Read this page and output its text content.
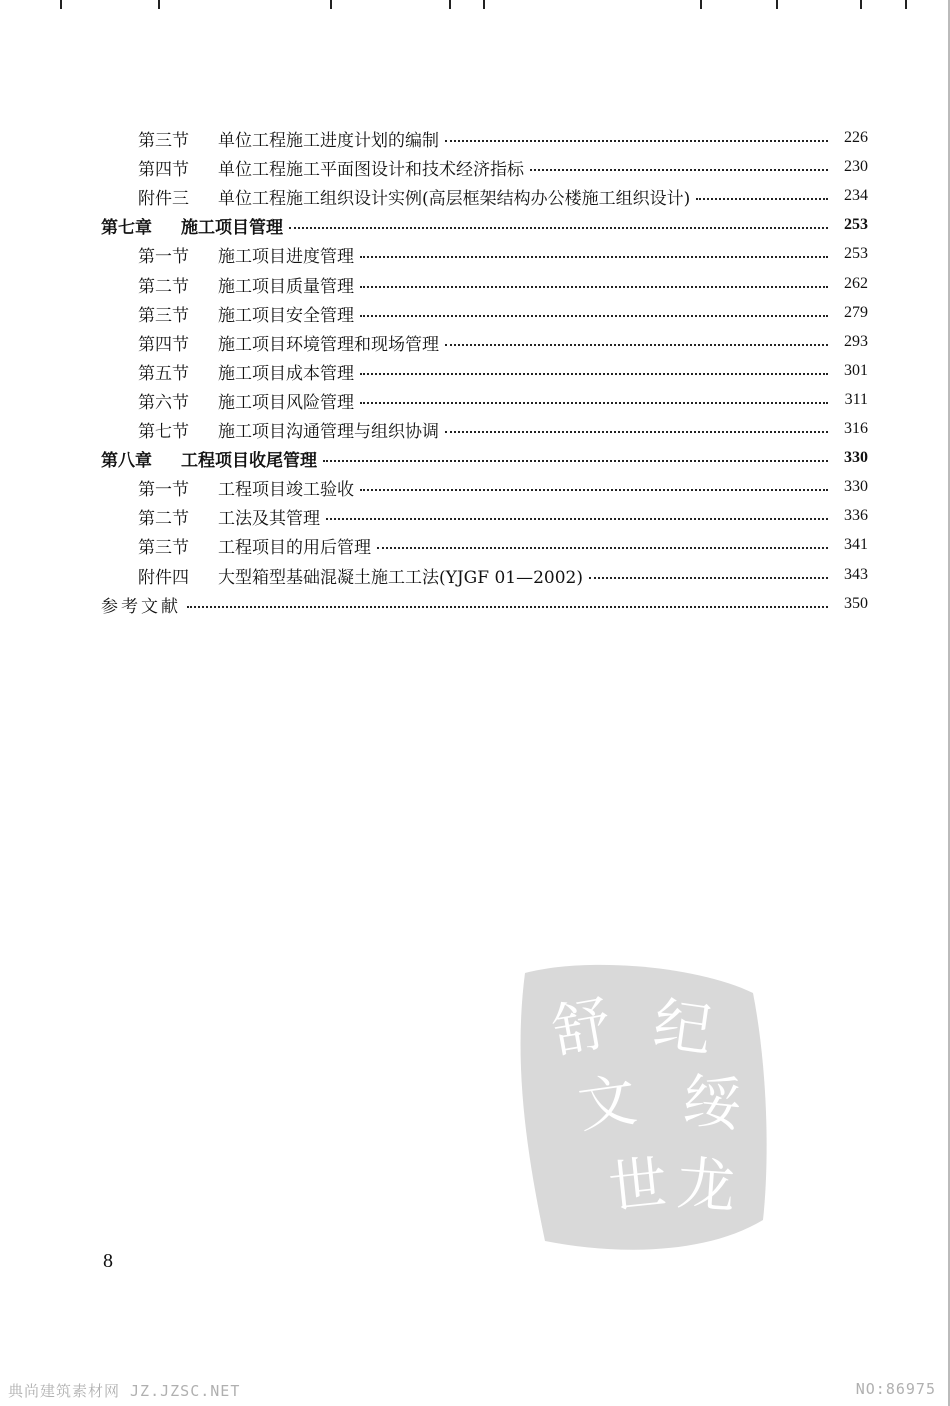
第三节	单位工程施工进度计划的编制	226
第四节	单位工程施工平面图设计和技术经济指标	230
附件三	单位工程施工组织设计实例(高层框架结构办公楼施工组织设计)	234
第七章	施工项目管理	253
第一节	施工项目进度管理	253
第二节	施工项目质量管理	262
第三节	施工项目安全管理	279
第四节	施工项目环境管理和现场管理	293
第五节	施工项目成本管理	301
第六节	施工项目风险管理	311
第七节	施工项目沟通管理与组织协调	316
第八章	工程项目收尾管理	330
第一节	工程项目竣工验收	330
第二节	工法及其管理	336
第三节	工程项目的用后管理	341
附件四	大型箱型基础混凝土施工工法(YJGF 01—2002)	343
参考文献	350
舒
文
世
纪
绥
龙
8
典尚建筑素材网 JZ.JZSC.NET	NO:86975
